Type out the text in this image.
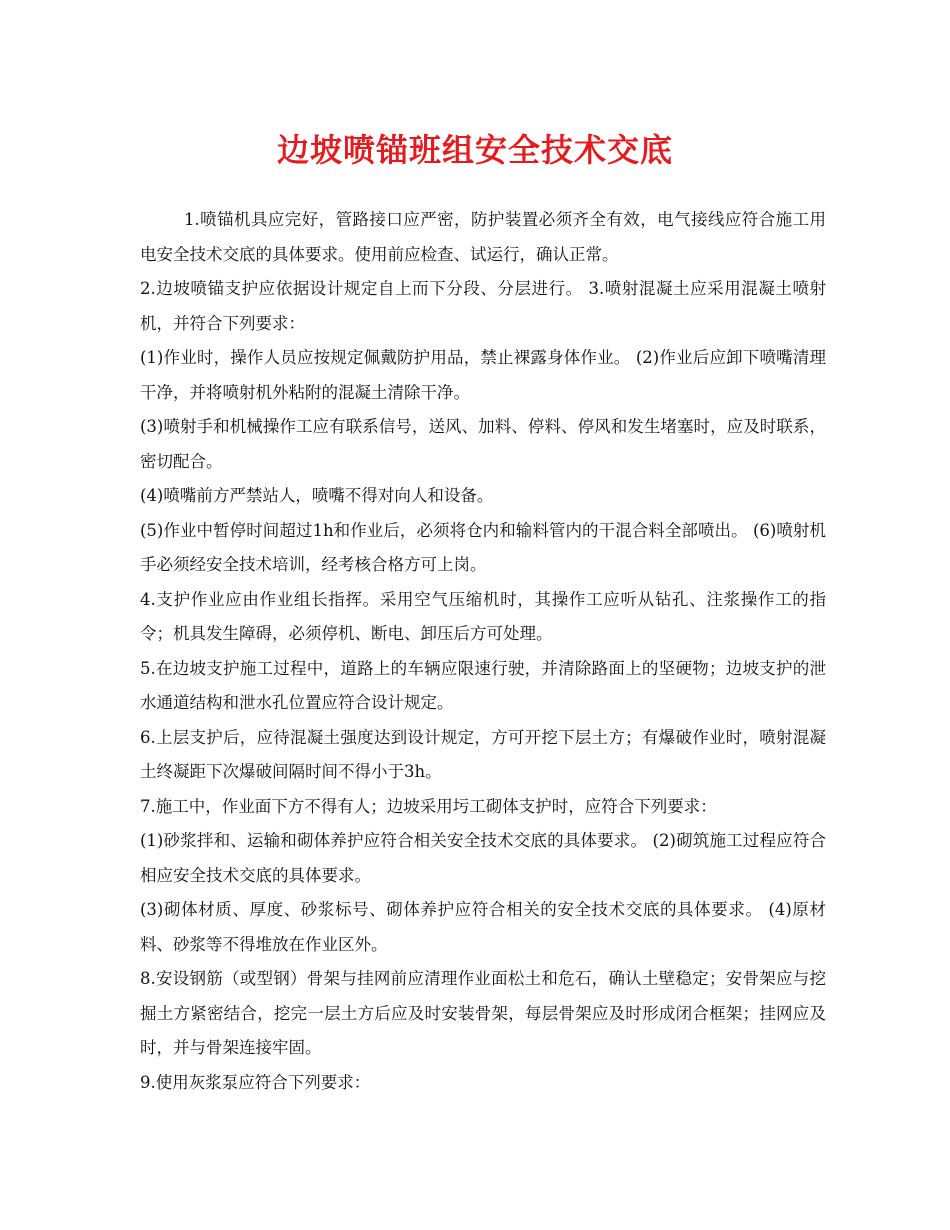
边坡喷锚班组安全技术交底

1.喷锚机具应完好，管路接口应严密，防护装置必须齐全有效，电气接线应符合施工用电安全技术交底的具体要求。使用前应检查、试运行，确认正常。

2.边坡喷锚支护应依据设计规定自上而下分段、分层进行。 3.喷射混凝土应采用混凝土喷射机，并符合下列要求：

(1)作业时，操作人员应按规定佩戴防护用品，禁止裸露身体作业。 (2)作业后应卸下喷嘴清理干净，并将喷射机外粘附的混凝土清除干净。

(3)喷射手和机械操作工应有联系信号，送风、加料、停料、停风和发生堵塞时，应及时联系，密切配合。

(4)喷嘴前方严禁站人，喷嘴不得对向人和设备。

(5)作业中暂停时间超过1h和作业后，必须将仓内和输料管内的干混合料全部喷出。 (6)喷射机手必须经安全技术培训，经考核合格方可上岗。

4.支护作业应由作业组长指挥。采用空气压缩机时，其操作工应听从钻孔、注浆操作工的指令；机具发生障碍，必须停机、断电、卸压后方可处理。

5.在边坡支护施工过程中，道路上的车辆应限速行驶，并清除路面上的坚硬物；边坡支护的泄水通道结构和泄水孔位置应符合设计规定。

6.上层支护后，应待混凝土强度达到设计规定，方可开挖下层土方；有爆破作业时，喷射混凝土终凝距下次爆破间隔时间不得小于3h。

7.施工中，作业面下方不得有人；边坡采用圬工砌体支护时，应符合下列要求：

(1)砂浆拌和、运输和砌体养护应符合相关安全技术交底的具体要求。 (2)砌筑施工过程应符合相应安全技术交底的具体要求。

(3)砌体材质、厚度、砂浆标号、砌体养护应符合相关的安全技术交底的具体要求。 (4)原材料、砂浆等不得堆放在作业区外。

8.安设钢筋（或型钢）骨架与挂网前应清理作业面松土和危石，确认土壁稳定；安骨架应与挖掘土方紧密结合，挖完一层土方后应及时安装骨架，每层骨架应及时形成闭合框架；挂网应及时，并与骨架连接牢固。

9.使用灰浆泵应符合下列要求：
